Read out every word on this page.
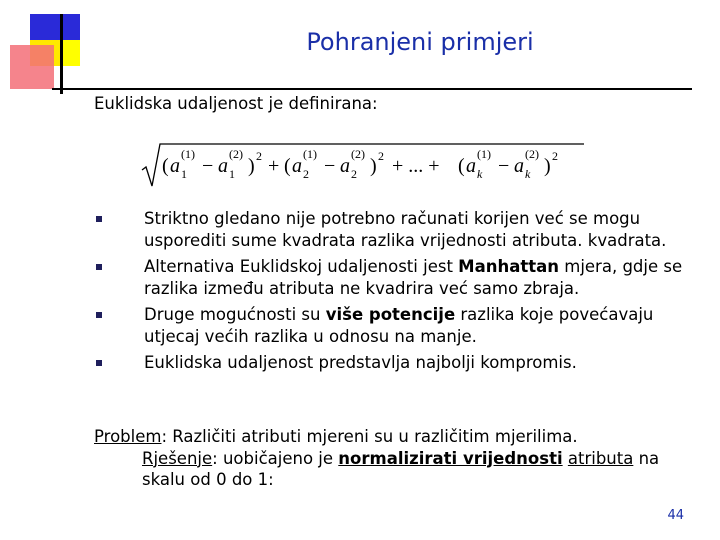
Pohranjeni primjeri
Euklidska udaljenost je definirana:
( a 1
(1)
− a 1
(2)
) 2 + ( a 2
(1)
− a 2
(2)
) 2 + ... + ( a k
(1)
− a k
(2)
) 2
Striktno gledano nije potrebno računati korijen već se mogu usporediti sume kvadrata razlika vrijednosti atributa. kvadrata.
Alternativa Euklidskoj udaljenosti jest Manhattan mjera, gdje se razlika između atributa ne kvadrira već samo zbraja.
Druge mogućnosti su više potencije razlika koje povećavaju utjecaj većih razlika u odnosu na manje.
Euklidska udaljenost predstavlja najbolji kompromis.
Problem: Različiti atributi mjereni su u različitim mjerilima.
Rješenje: uobičajeno je normalizirati vrijednosti atributa na skalu od 0 do 1:
44
